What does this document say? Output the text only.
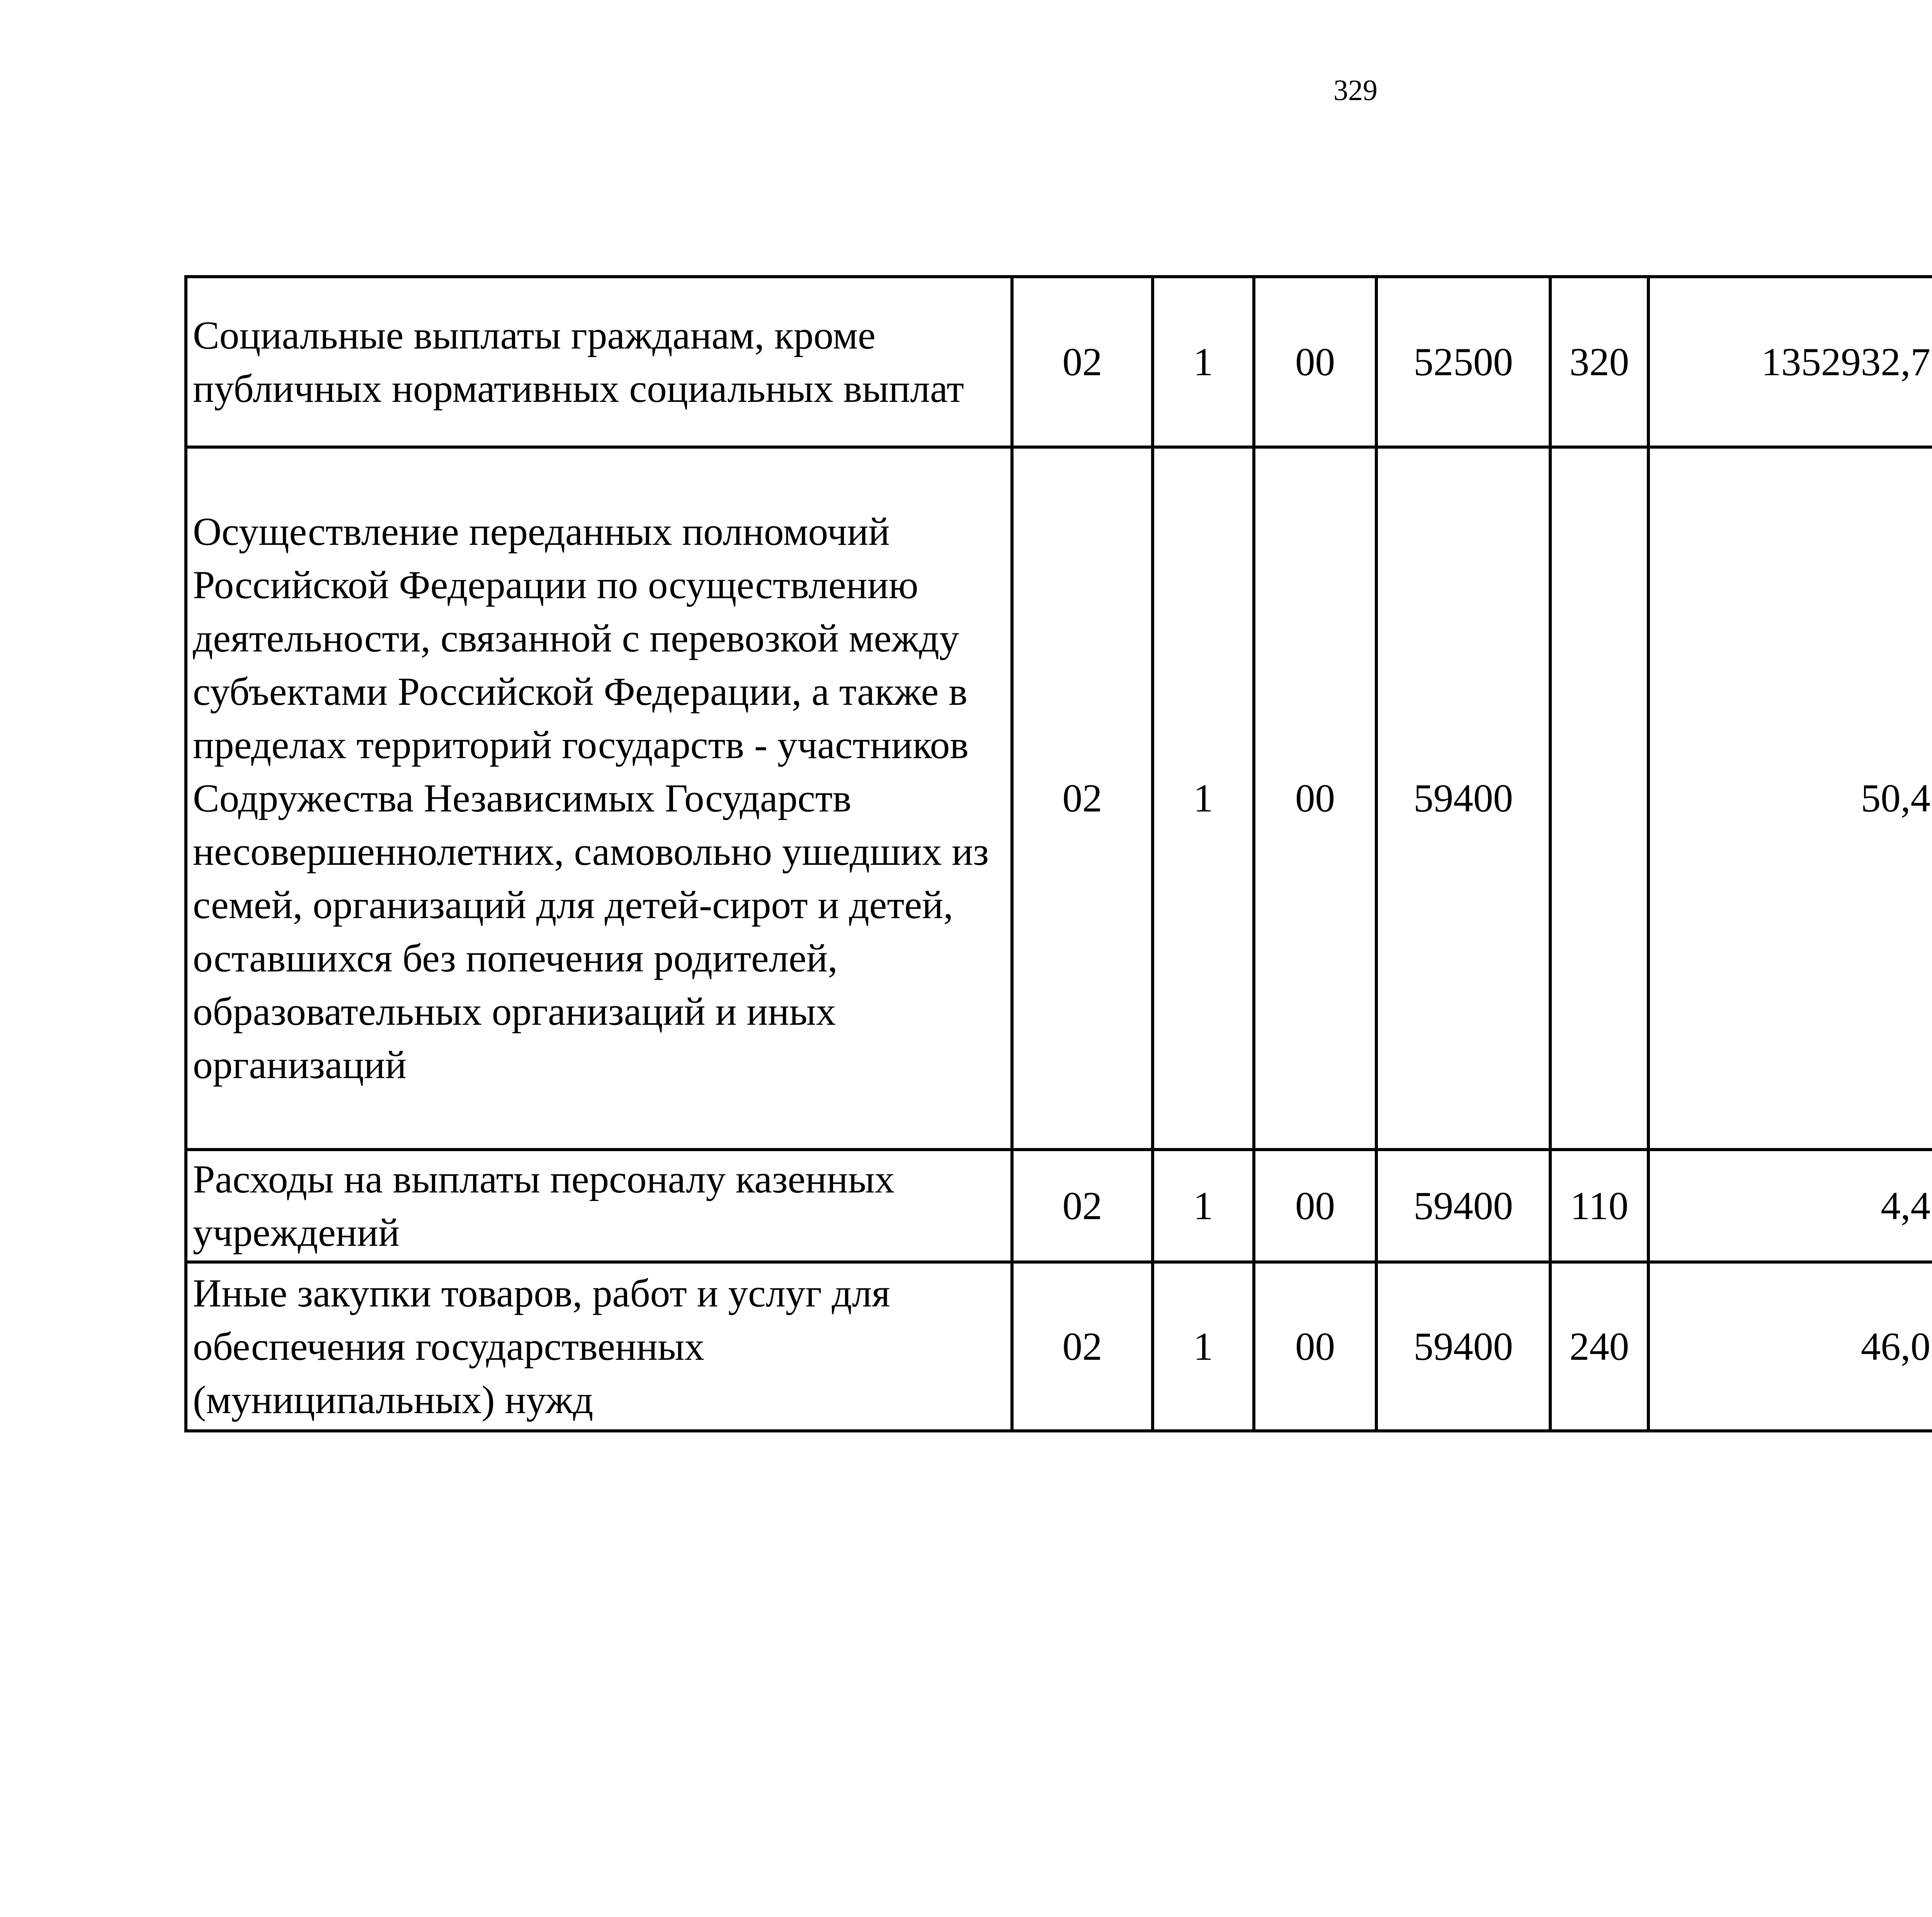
329
Социальные выплаты гражданам, кроме публичных нормативных социальных выплат	02	1	00	52500	320	1352932,7		
Осуществление переданных полномочий Российской Федерации по осуществлению деятельности, связанной с перевозкой между субъектами Российской Федерации, а также в пределах территорий государств - участников Содружества Независимых Государств несовершеннолетних, самовольно ушедших из семей, организаций для детей-сирот и детей, оставшихся без попечения родителей, образовательных организаций и иных организаций	02	1	00	59400		50,4		
Расходы на выплаты персоналу казенных учреждений	02	1	00	59400	110	4,4		
Иные закупки товаров, работ и услуг для обеспечения государственных (муниципальных) нужд	02	1	00	59400	240	46,0		
